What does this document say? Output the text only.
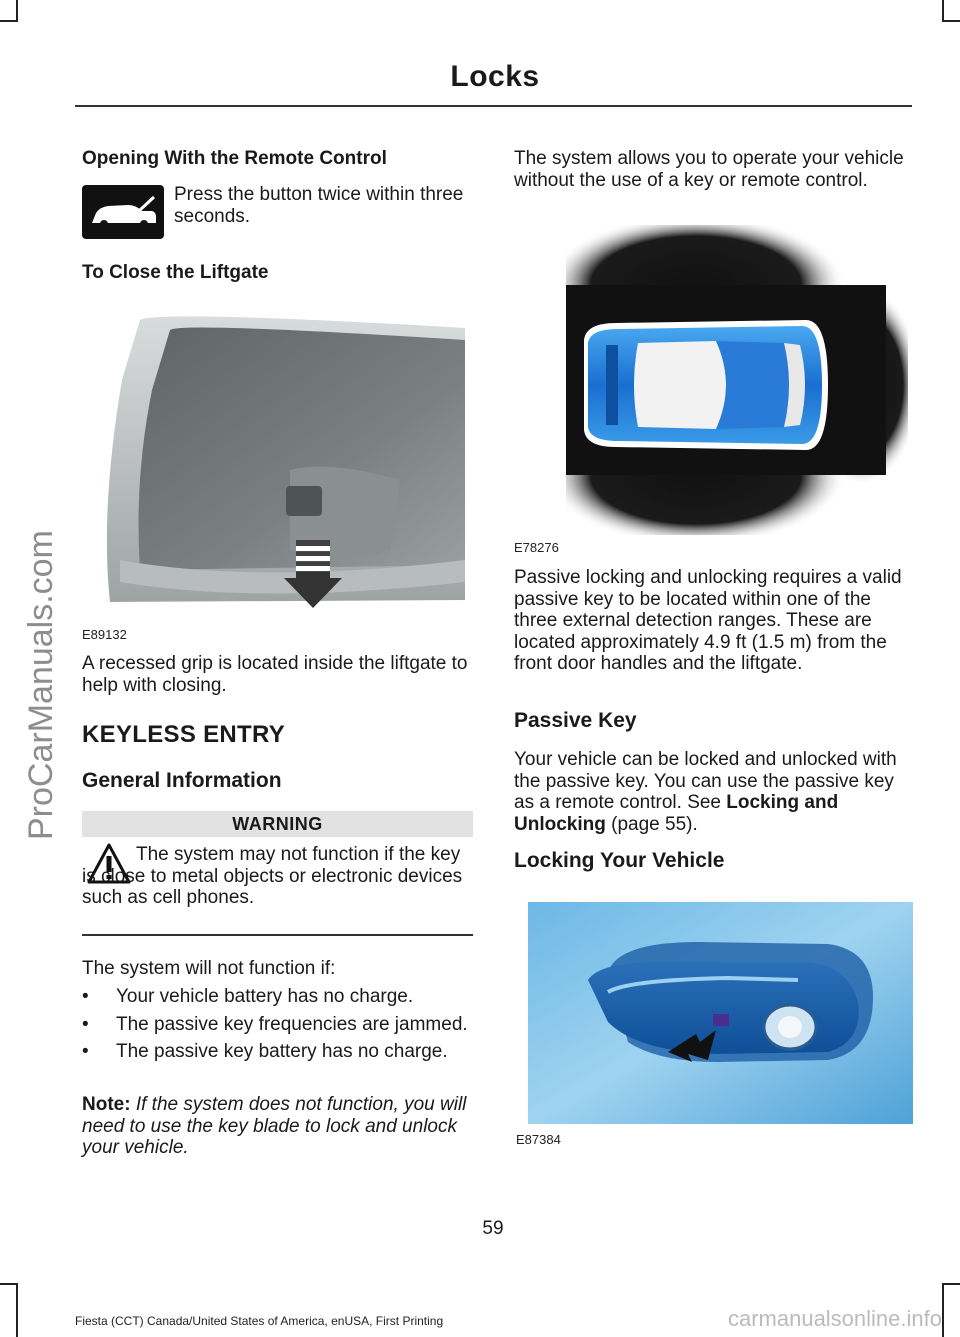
Locks
ProCarManuals.com
Opening With the Remote Control
Press the button twice within three seconds.
To Close the Liftgate
E89132
A recessed grip is located inside the liftgate to help with closing.
KEYLESS ENTRY
General Information
WARNING
The system may not function if the key is close to metal objects or electronic devices such as cell phones.
The system will not function if:
• Your vehicle battery has no charge.
• The passive key frequencies are jammed.
• The passive key battery has no charge.
Note: If the system does not function, you will need to use the key blade to lock and unlock your vehicle.
The system allows you to operate your vehicle without the use of a key or remote control.
E78276
Passive locking and unlocking requires a valid passive key to be located within one of the three external detection ranges. These are located approximately 4.9 ft (1.5 m) from the front door handles and the liftgate.
Passive Key
Your vehicle can be locked and unlocked with the passive key. You can use the passive key as a remote control. See Locking and Unlocking (page 55).
Locking Your Vehicle
E87384
59
Fiesta (CCT) Canada/United States of America, enUSA, First Printing	carmanualsonline.info
